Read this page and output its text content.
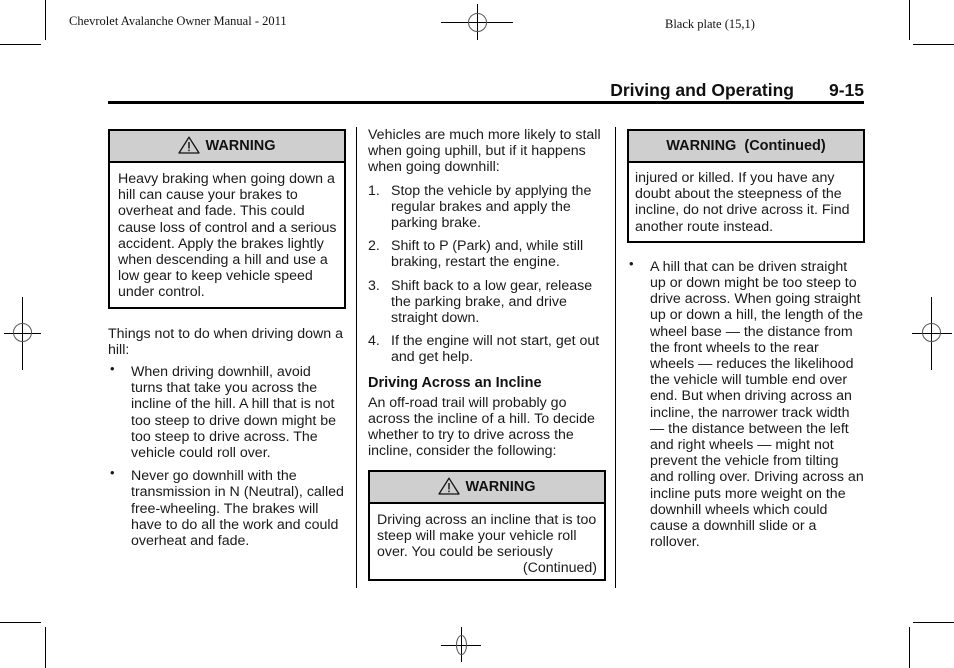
Chevrolet Avalanche Owner Manual - 2011	Black plate (15,1)
Driving and Operating 9-15
WARNING
Heavy braking when going down a hill can cause your brakes to overheat and fade. This could cause loss of control and a serious accident. Apply the brakes lightly when descending a hill and use a low gear to keep vehicle speed under control.

Things not to do when driving down a hill:

• When driving downhill, avoid turns that take you across the incline of the hill. A hill that is not too steep to drive down might be too steep to drive across. The vehicle could roll over.
• Never go downhill with the transmission in N (Neutral), called free-wheeling. The brakes will have to do all the work and could overheat and fade.

Vehicles are much more likely to stall when going uphill, but if it happens when going downhill:

1. Stop the vehicle by applying the regular brakes and apply the parking brake.
2. Shift to P (Park) and, while still braking, restart the engine.
3. Shift back to a low gear, release the parking brake, and drive straight down.
4. If the engine will not start, get out and get help.
Driving Across an Incline

An off-road trail will probably go across the incline of a hill. To decide whether to try to drive across the incline, consider the following:

WARNING
Driving across an incline that is too steep will make your vehicle roll over. You could be seriously
(Continued)
WARNING  (Continued)
injured or killed. If you have any doubt about the steepness of the incline, do not drive across it. Find another route instead.
• A hill that can be driven straight up or down might be too steep to drive across. When going straight up or down a hill, the length of the wheel base — the distance from the front wheels to the rear wheels — reduces the likelihood the vehicle will tumble end over end. But when driving across an incline, the narrower track width — the distance between the left and right wheels — might not prevent the vehicle from tilting and rolling over. Driving across an incline puts more weight on the downhill wheels which could cause a downhill slide or a rollover.
